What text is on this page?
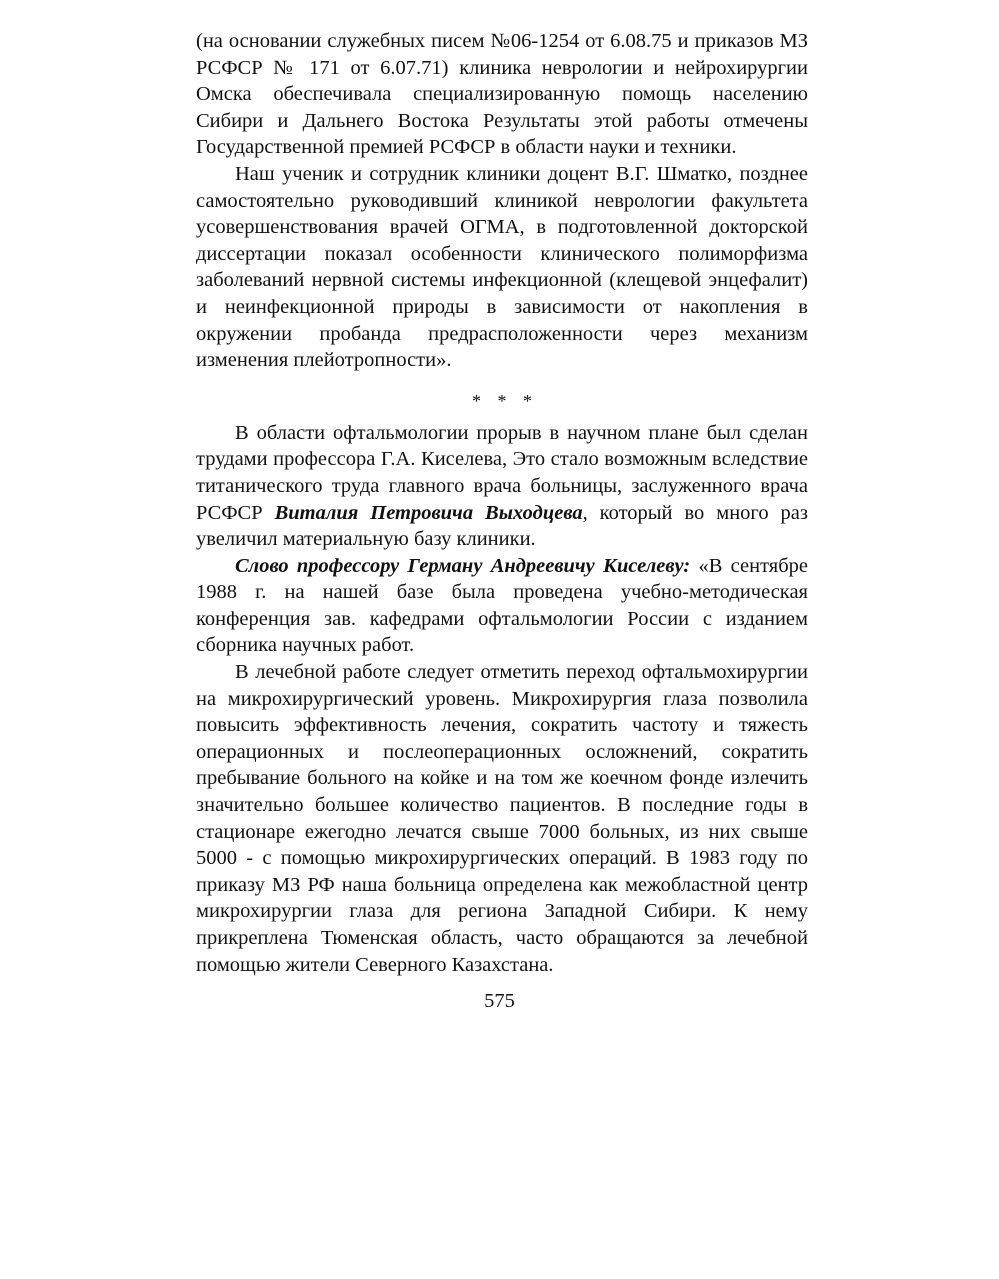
(на основании служебных писем №06-1254 от 6.08.75 и приказов МЗ РСФСР № 171 от 6.07.71) клиника неврологии и нейрохирургии Омска обеспечивала специализированную помощь населению Сибири и Дальнего Востока Результаты этой работы отмечены Государственной премией РСФСР в области науки и техники.

Наш ученик и сотрудник клиники доцент В.Г. Шматко, позднее самостоятельно руководивший клиникой неврологии факультета усовершенствования врачей ОГМА, в подготовленной докторской диссертации показал особенности клинического полиморфизма заболеваний нервной системы инфекционной (клещевой энцефалит) и неинфекционной природы в зависимости от накопления в окружении пробанда предрасположенности через механизм изменения плейотропности».

* * *

В области офтальмологии прорыв в научном плане был сделан трудами профессора Г.А. Киселева, Это стало возможным вследствие титанического труда главного врача больницы, заслуженного врача РСФСР Виталия Петровича Выходцева, который во много раз увеличил материальную базу клиники.

Слово профессору Герману Андреевичу Киселеву: «В сентябре 1988 г. на нашей базе была проведена учебно-методическая конференция зав. кафедрами офтальмологии России с изданием сборника научных работ.

В лечебной работе следует отметить переход офтальмохирургии на микрохирургический уровень. Микрохирургия глаза позволила повысить эффективность лечения, сократить частоту и тяжесть операционных и послеоперационных осложнений, сократить пребывание больного на койке и на том же коечном фонде излечить значительно большее количество пациентов. В последние годы в стационаре ежегодно лечатся свыше 7000 больных, из них свыше 5000 - с помощью микрохирургических операций. В 1983 году по приказу МЗ РФ наша больница определена как межобластной центр микрохирургии глаза для региона Западной Сибири. К нему прикреплена Тюменская область, часто обращаются за лечебной помощью жители Северного Казахстана.

575
